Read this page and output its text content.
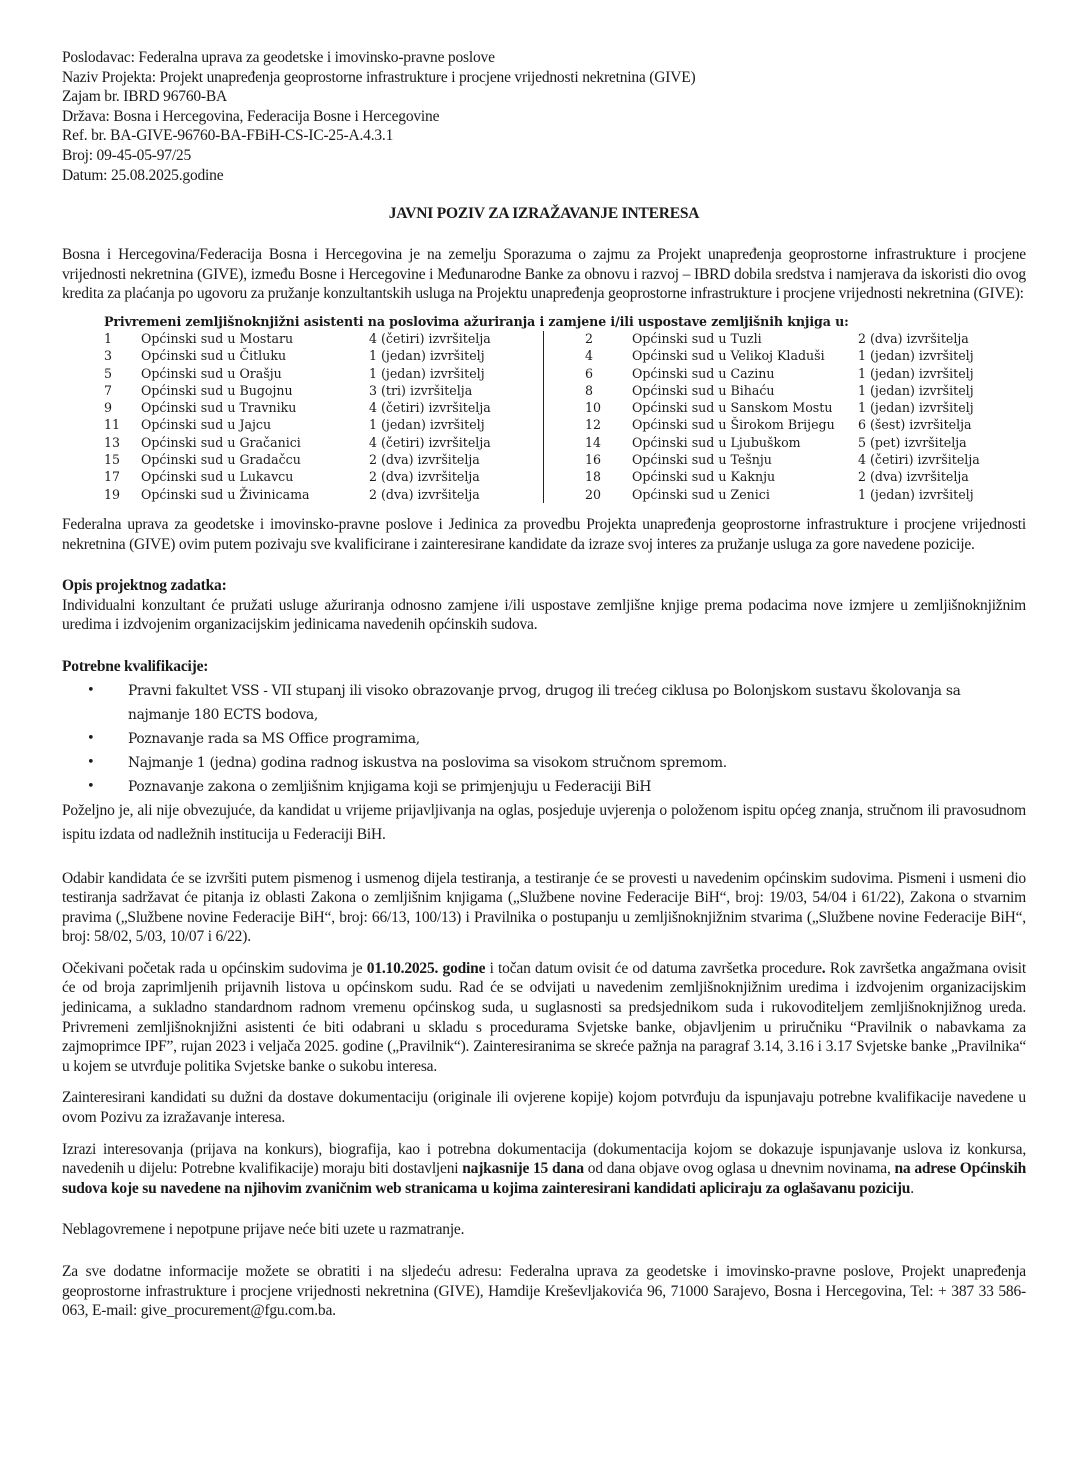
Poslodavac: Federalna uprava za geodetske i imovinsko-pravne poslove
Naziv Projekta: Projekt unapređenja geoprostorne infrastrukture i procjene vrijednosti nekretnina (GIVE)
Zajam br. IBRD 96760-BA
Država: Bosna i Hercegovina, Federacija Bosne i Hercegovine
Ref. br. BA-GIVE-96760-BA-FBiH-CS-IC-25-A.4.3.1
Broj: 09-45-05-97/25
Datum: 25.08.2025.godine
JAVNI POZIV ZA IZRAŽAVANJE INTERESA
Bosna i Hercegovina/Federacija Bosna i Hercegovina je na zemelju Sporazuma o zajmu za Projekt unapređenja geoprostorne infrastrukture i procjene vrijednosti nekretnina (GIVE), između Bosne i Hercegovine i Međunarodne Banke za obnovu i razvoj – IBRD dobila sredstva i namjerava da iskoristi dio ovog kredita za plaćanja po ugovoru za pružanje konzultantskih usluga na Projektu unapređenja geoprostorne infrastrukture i procjene vrijednosti nekretnina (GIVE):
Privremeni zemljišnoknjižni asistenti na poslovima ažuriranja i zamjene i/ili uspostave zemljišnih knjiga u:
1 Općinski sud u Mostaru	4 (četiri) izvršitelja
3 Općinski sud u Čitluku	1 (jedan) izvršitelj
5 Općinski sud u Orašju	1 (jedan) izvršitelj
7 Općinski sud u Bugojnu	3 (tri) izvršitelja
9 Općinski sud u Travniku	4 (četiri) izvršitelja
11 Općinski sud u Jajcu	1 (jedan) izvršitelj
13 Općinski sud u Gračanici	4 (četiri) izvršitelja
15 Općinski sud u Gradačcu	2 (dva) izvršitelja
17 Općinski sud u Lukavcu	2 (dva) izvršitelja
19 Općinski sud u Živinicama	2 (dva) izvršitelja
2	Općinski sud u Tuzli	2 (dva) izvršitelja
4	Općinski sud u Velikoj Kladuši	1 (jedan) izvršitelj
6	Općinski sud u Cazinu	1 (jedan) izvršitelj
8	Općinski sud u Bihaću	1 (jedan) izvršitelj
10 Općinski sud u Sanskom Mostu 1 (jedan) izvršitelj
12 Općinski sud u Širokom Brijegu 6 (šest) izvršitelja
14 Općinski sud u Ljubuškom	5 (pet) izvršitelja
16 Općinski sud u Tešnju	4 (četiri) izvršitelja
18 Općinski sud u Kaknju	2 (dva) izvršitelja
20 Općinski sud u Zenici	1 (jedan) izvršitelj
Federalna uprava za geodetske i imovinsko-pravne poslove i Jedinica za provedbu Projekta unapređenja geoprostorne infrastrukture i procjene vrijednosti nekretnina (GIVE) ovim putem pozivaju sve kvalificirane i zainteresirane kandidate da izraze svoj interes za pružanje usluga za gore navedene pozicije.
Opis projektnog zadatka:
Individualni konzultant će pružati usluge ažuriranja odnosno zamjene i/ili uspostave zemljišne knjige prema podacima nove izmjere u zemljišnoknjižnim uredima i izdvojenim organizacijskim jedinicama navedenih općinskih sudova.
Potrebne kvalifikacije:
• Pravni fakultet VSS - VII stupanj ili visoko obrazovanje prvog, drugog ili trećeg ciklusa po Bolonjskom sustavu školovanja sa najmanje 180 ECTS bodova,
• Poznavanje rada sa MS Office programima,
• Najmanje 1 (jedna) godina radnog iskustva na poslovima sa visokom stručnom spremom.
• Poznavanje zakona o zemljišnim knjigama koji se primjenjuju u Federaciji BiH
Poželjno je, ali nije obvezujuće, da kandidat u vrijeme prijavljivanja na oglas, posjeduje uvjerenja o položenom ispitu općeg znanja, stručnom ili pravosudnom ispitu izdata od nadležnih institucija u Federaciji BiH.
Odabir kandidata će se izvršiti putem pismenog i usmenog dijela testiranja, a testiranje će se provesti u navedenim općinskim sudovima. Pismeni i usmeni dio testiranja sadržavat će pitanja iz oblasti Zakona o zemljišnim knjigama („Službene novine Federacije BiH“, broj: 19/03, 54/04 i 61/22), Zakona o stvarnim pravima („Službene novine Federacije BiH“, broj: 66/13, 100/13) i Pravilnika o postupanju u zemljišnoknjižnim stvarima („Službene novine Federacije BiH“, broj: 58/02, 5/03, 10/07 i 6/22).
Očekivani početak rada u općinskim sudovima je 01.10.2025. godine i točan datum ovisit će od datuma završetka procedure. Rok završetka angažmana ovisit će od broja zaprimljenih prijavnih listova u općinskom sudu. Rad će se odvijati u navedenim zemljišnoknjižnim uredima i izdvojenim organizacijskim jedinicama, a sukladno standardnom radnom vremenu općinskog suda, u suglasnosti sa predsjednikom suda i rukovoditeljem zemljišnoknjižnog ureda. Privremeni zemljišnoknjižni asistenti će biti odabrani u skladu s procedurama Svjetske banke, objavljenim u priručniku “Pravilnik o nabavkama za zajmoprimce IPF”, rujan 2023 i veljača 2025. godine („Pravilnik“). Zainteresiranima se skreće pažnja na paragraf 3.14, 3.16 i 3.17 Svjetske banke „Pravilnika“ u kojem se utvrđuje politika Svjetske banke o sukobu interesa.
Zainteresirani kandidati su dužni da dostave dokumentaciju (originale ili ovjerene kopije) kojom potvrđuju da ispunjavaju potrebne kvalifikacije navedene u ovom Pozivu za izražavanje interesa.
Izrazi interesovanja (prijava na konkurs), biografija, kao i potrebna dokumentacija (dokumentacija kojom se dokazuje ispunjavanje uslova iz konkursa, navedenih u dijelu: Potrebne kvalifikacije) moraju biti dostavljeni najkasnije 15 dana od dana objave ovog oglasa u dnevnim novinama, na adrese Općinskih sudova koje su navedene na njihovim zvaničnim web stranicama u kojima zainteresirani kandidati apliciraju za oglašavanu poziciju.
Neblagovremene i nepotpune prijave neće biti uzete u razmatranje.
Za sve dodatne informacije možete se obratiti i na sljedeću adresu: Federalna uprava za geodetske i imovinsko-pravne poslove, Projekt unapređenja geoprostorne infrastrukture i procjene vrijednosti nekretnina (GIVE), Hamdije Kreševljakovića 96, 71000 Sarajevo, Bosna i Hercegovina, Tel: + 387 33 586-063, E-mail: give_procurement@fgu.com.ba.
